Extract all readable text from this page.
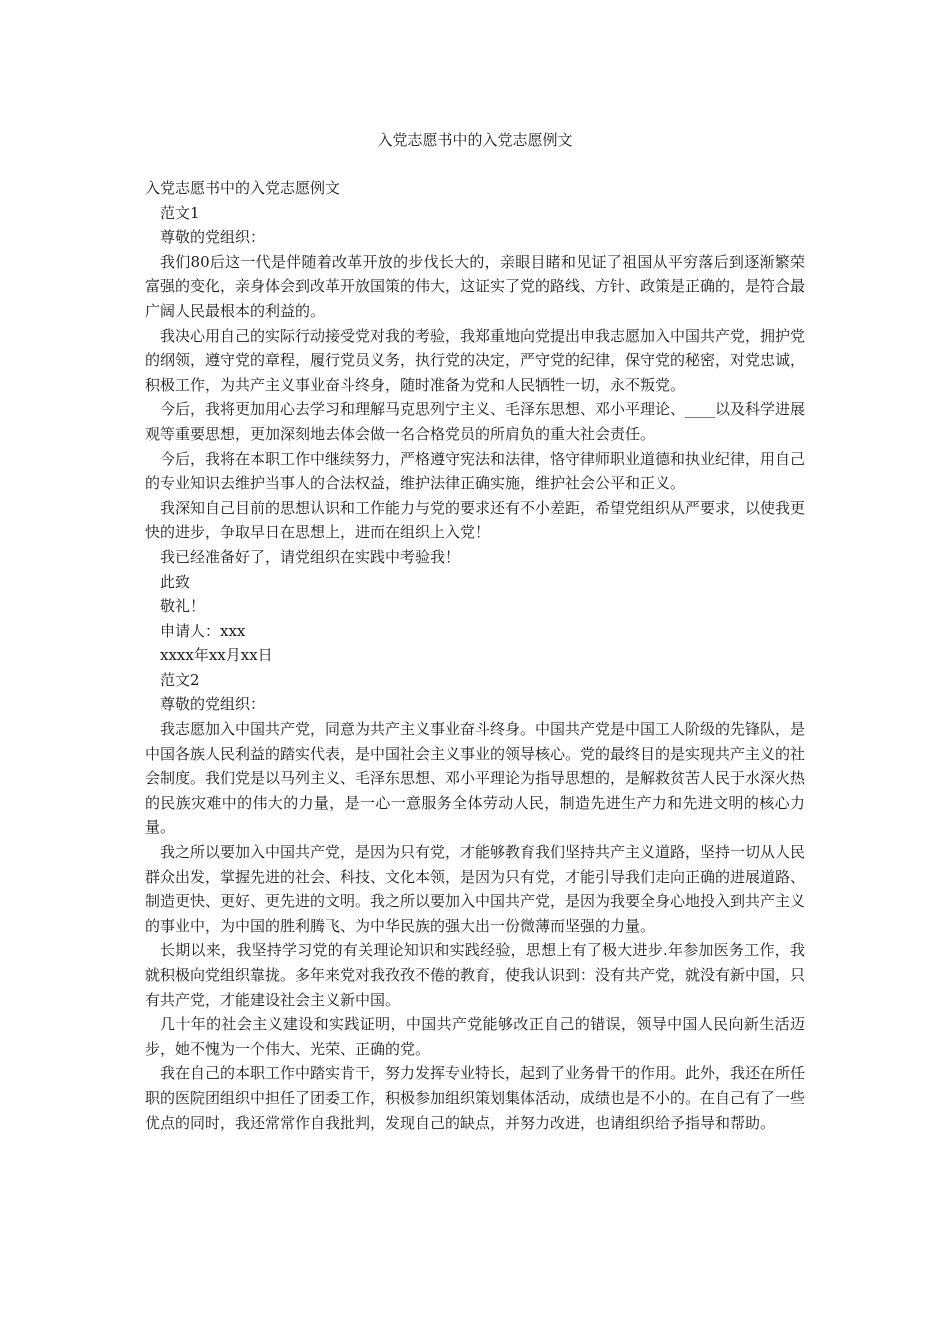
入党志愿书中的入党志愿例文

入党志愿书中的入党志愿例文

范文1

尊敬的党组织：

我们80后这一代是伴随着改革开放的步伐长大的，亲眼目睹和见证了祖国从平穷落后到逐渐繁荣富强的变化，亲身体会到改革开放国策的伟大，这证实了党的路线、方针、政策是正确的，是符合最广阔人民最根本的利益的。

我决心用自己的实际行动接受党对我的考验，我郑重地向党提出申我志愿加入中国共产党，拥护党的纲领，遵守党的章程，履行党员义务，执行党的决定，严守党的纪律，保守党的秘密，对党忠诚，积极工作，为共产主义事业奋斗终身，随时准备为党和人民牺牲一切，永不叛党。

今后，我将更加用心去学习和理解马克思列宁主义、毛泽东思想、邓小平理论、____以及科学进展观等重要思想，更加深刻地去体会做一名合格党员的所肩负的重大社会责任。

今后，我将在本职工作中继续努力，严格遵守宪法和法律，恪守律师职业道德和执业纪律，用自己的专业知识去维护当事人的合法权益，维护法律正确实施，维护社会公平和正义。

我深知自己目前的思想认识和工作能力与党的要求还有不小差距，希望党组织从严要求，以使我更快的进步，争取早日在思想上，进而在组织上入党！

我已经准备好了，请党组织在实践中考验我！

此致

敬礼！

申请人：xxx

xxxx年xx月xx日

范文2

尊敬的党组织：

我志愿加入中国共产党，同意为共产主义事业奋斗终身。中国共产党是中国工人阶级的先锋队，是中国各族人民利益的踏实代表，是中国社会主义事业的领导核心。党的最终目的是实现共产主义的社会制度。我们党是以马列主义、毛泽东思想、邓小平理论为指导思想的，是解救贫苦人民于水深火热的民族灾难中的伟大的力量，是一心一意服务全体劳动人民，制造先进生产力和先进文明的核心力量。

我之所以要加入中国共产党，是因为只有党，才能够教育我们坚持共产主义道路，坚持一切从人民群众出发，掌握先进的社会、科技、文化本领，是因为只有党，才能引导我们走向正确的进展道路、制造更快、更好、更先进的文明。我之所以要加入中国共产党，是因为我要全身心地投入到共产主义的事业中，为中国的胜利腾飞、为中华民族的强大出一份微薄而坚强的力量。

长期以来，我坚持学习党的有关理论知识和实践经验，思想上有了极大进步.年参加医务工作，我就积极向党组织靠拢。多年来党对我孜孜不倦的教育，使我认识到：没有共产党，就没有新中国，只有共产党，才能建设社会主义新中国。

几十年的社会主义建设和实践证明，中国共产党能够改正自己的错误，领导中国人民向新生活迈步，她不愧为一个伟大、光荣、正确的党。

我在自己的本职工作中踏实肯干，努力发挥专业特长，起到了业务骨干的作用。此外，我还在所任职的医院团组织中担任了团委工作，积极参加组织策划集体活动，成绩也是不小的。在自己有了一些优点的同时，我还常常作自我批判，发现自己的缺点，并努力改进，也请组织给予指导和帮助。
